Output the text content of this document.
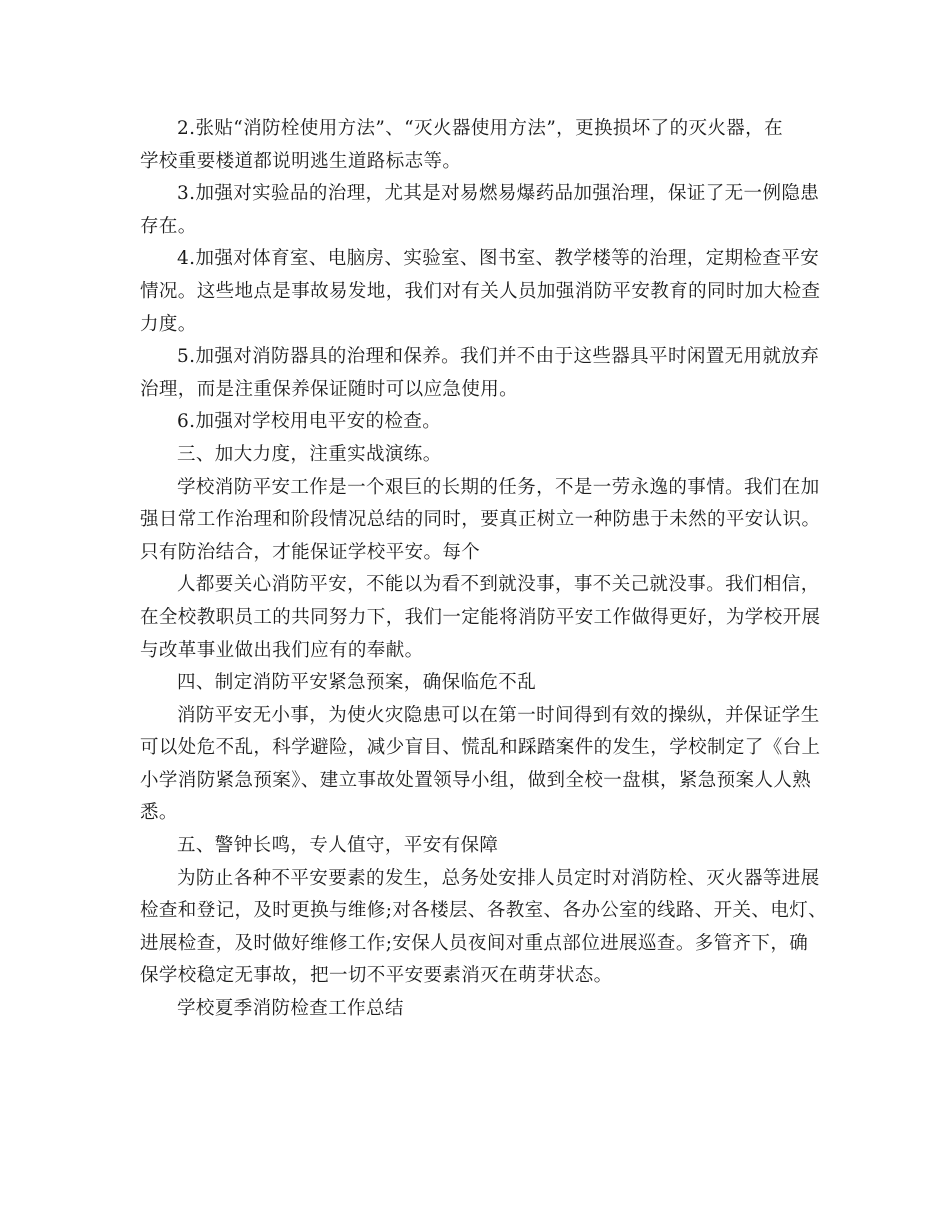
2.张贴“消防栓使用方法”、“灭火器使用方法”，更换损坏了的灭火器，在
学校重要楼道都说明逃生道路标志等。
3.加强对实验品的治理，尤其是对易燃易爆药品加强治理，保证了无一例隐患
存在。
4.加强对体育室、电脑房、实验室、图书室、教学楼等的治理，定期检查平安
情况。这些地点是事故易发地，我们对有关人员加强消防平安教育的同时加大检查
力度。
5.加强对消防器具的治理和保养。我们并不由于这些器具平时闲置无用就放弃
治理，而是注重保养保证随时可以应急使用。
6.加强对学校用电平安的检查。
三、加大力度，注重实战演练。
学校消防平安工作是一个艰巨的长期的任务，不是一劳永逸的事情。我们在加
强日常工作治理和阶段情况总结的同时，要真正树立一种防患于未然的平安认识。
只有防治结合，才能保证学校平安。每个
人都要关心消防平安，不能以为看不到就没事，事不关己就没事。我们相信，
在全校教职员工的共同努力下，我们一定能将消防平安工作做得更好，为学校开展
与改革事业做出我们应有的奉献。
四、制定消防平安紧急预案，确保临危不乱
消防平安无小事，为使火灾隐患可以在第一时间得到有效的操纵，并保证学生
可以处危不乱，科学避险，减少盲目、慌乱和踩踏案件的发生，学校制定了《台上
小学消防紧急预案》、建立事故处置领导小组，做到全校一盘棋，紧急预案人人熟
悉。
五、警钟长鸣，专人值守，平安有保障
为防止各种不平安要素的发生，总务处安排人员定时对消防栓、灭火器等进展
检查和登记，及时更换与维修;对各楼层、各教室、各办公室的线路、开关、电灯、
进展检查，及时做好维修工作;安保人员夜间对重点部位进展巡查。多管齐下，确
保学校稳定无事故，把一切不平安要素消灭在萌芽状态。
学校夏季消防检查工作总结
